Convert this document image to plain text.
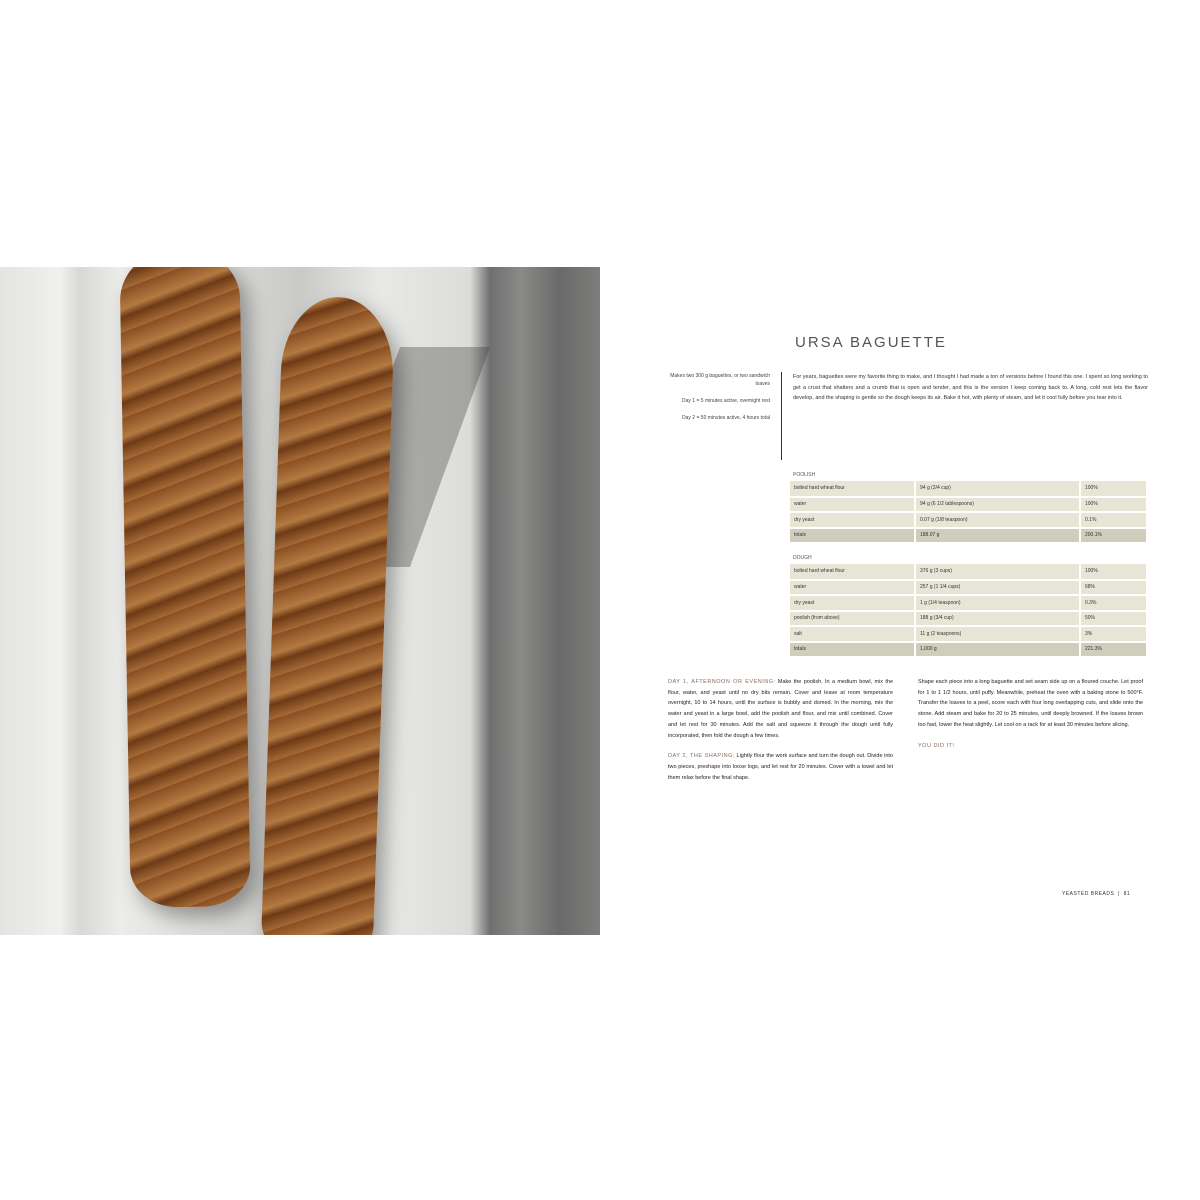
URSA BAGUETTE

Makes two 300 g baguettes, or two sandwich loaves

Day 1 = 5 minutes active, overnight rest

Day 2 = 50 minutes active, 4 hours total

For years, baguettes were my favorite thing to make, and I thought I had made a ton of versions before I found this one. I spent so long working to get a crust that shatters and a crumb that is open and tender, and this is the version I keep coming back to. A long, cold rest lets the flavor develop, and the shaping is gentle so the dough keeps its air. Bake it hot, with plenty of steam, and let it cool fully before you tear into it.
POOLISH
bolted hard wheat flour	94 g (3/4 cup)	100%
water	94 g (6 1/2 tablespoons)	100%
dry yeast	0.07 g (1/8 teaspoon)	0.1%
totals	188.07 g	200.1%
DOUGH
bolted hard wheat flour	376 g (3 cups)	100%
water	257 g (1 1/4 cups)	68%
dry yeast	1 g (1/4 teaspoon)	0.3%
poolish (from above)	188 g (3/4 cup)	50%
salt	11 g (2 teaspoons)	3%
totals	1,000 g	221.3%

DAY 1, AFTERNOON OR EVENING: Make the poolish. In a medium bowl, mix the flour, water, and yeast until no dry bits remain. Cover and leave at room temperature overnight, 10 to 14 hours, until the surface is bubbly and domed. In the morning, mix the water and yeast in a large bowl, add the poolish and flour, and mix until combined. Cover and let rest for 30 minutes. Add the salt and squeeze it through the dough until fully incorporated, then fold the dough a few times.

DAY 2, THE SHAPING: Lightly flour the work surface and turn the dough out. Divide into two pieces, preshape into loose logs, and let rest for 20 minutes. Cover with a towel and let them relax before the final shape.

Shape each piece into a long baguette and set seam side up on a floured couche. Let proof for 1 to 1 1/2 hours, until puffy. Meanwhile, preheat the oven with a baking stone to 500°F. Transfer the loaves to a peel, score each with four long overlapping cuts, and slide onto the stone. Add steam and bake for 20 to 25 minutes, until deeply browned. If the loaves brown too fast, lower the heat slightly. Let cool on a rack for at least 30 minutes before slicing.

YOU DID IT!

YEASTED BREADS  |  81
